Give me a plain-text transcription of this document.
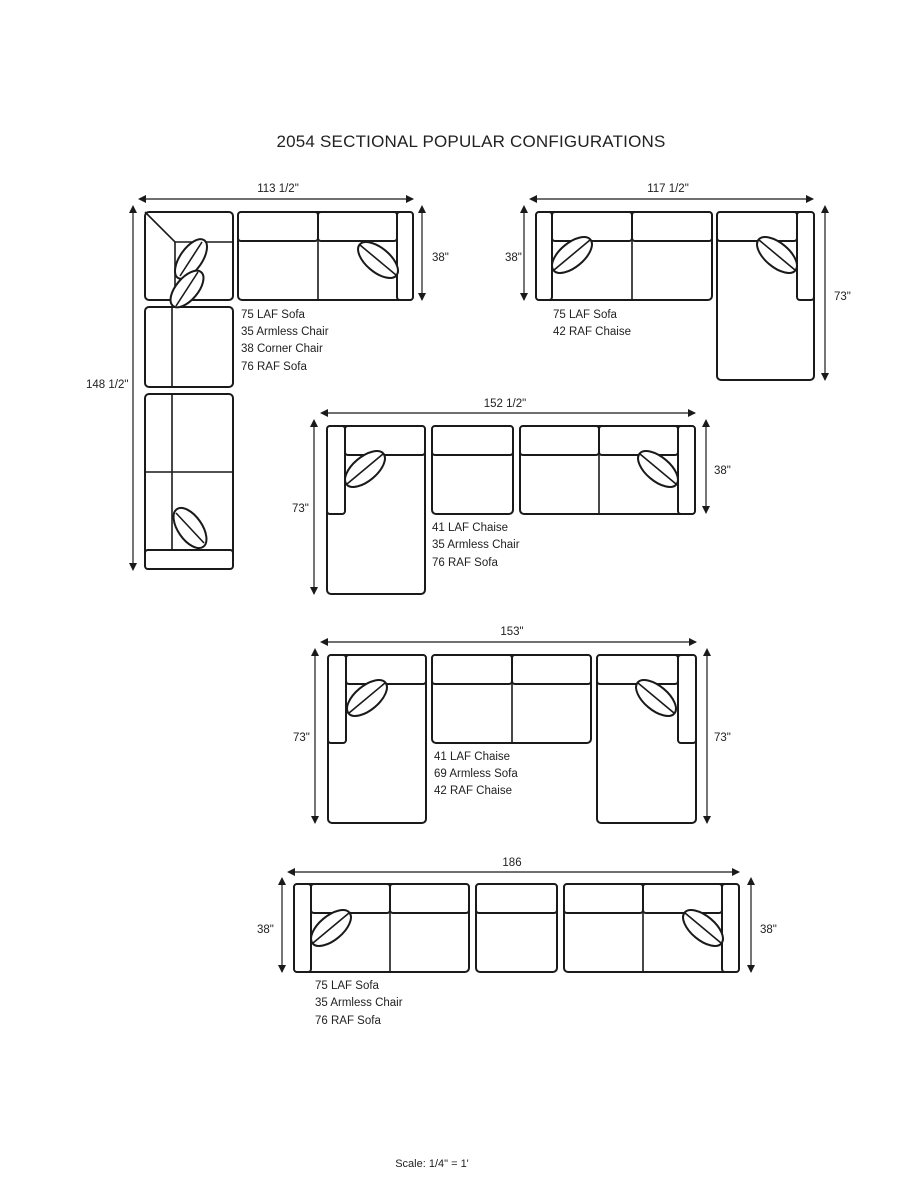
2054 SECTIONAL POPULAR CONFIGURATIONS
113 1/2"
148 1/2"
38"
75 LAF Sofa
35 Armless Chair
38 Corner Chair
76 RAF Sofa
117 1/2"
38"
73"
75 LAF Sofa
42 RAF Chaise
152 1/2"
73"
38"
41 LAF Chaise
35 Armless Chair
76 RAF Sofa
153"
73"	73"
41 LAF Chaise
69 Armless Sofa
42 RAF Chaise
186
38"	38"
75 LAF Sofa
35 Armless Chair
76 RAF Sofa
Scale: 1/4" = 1'
